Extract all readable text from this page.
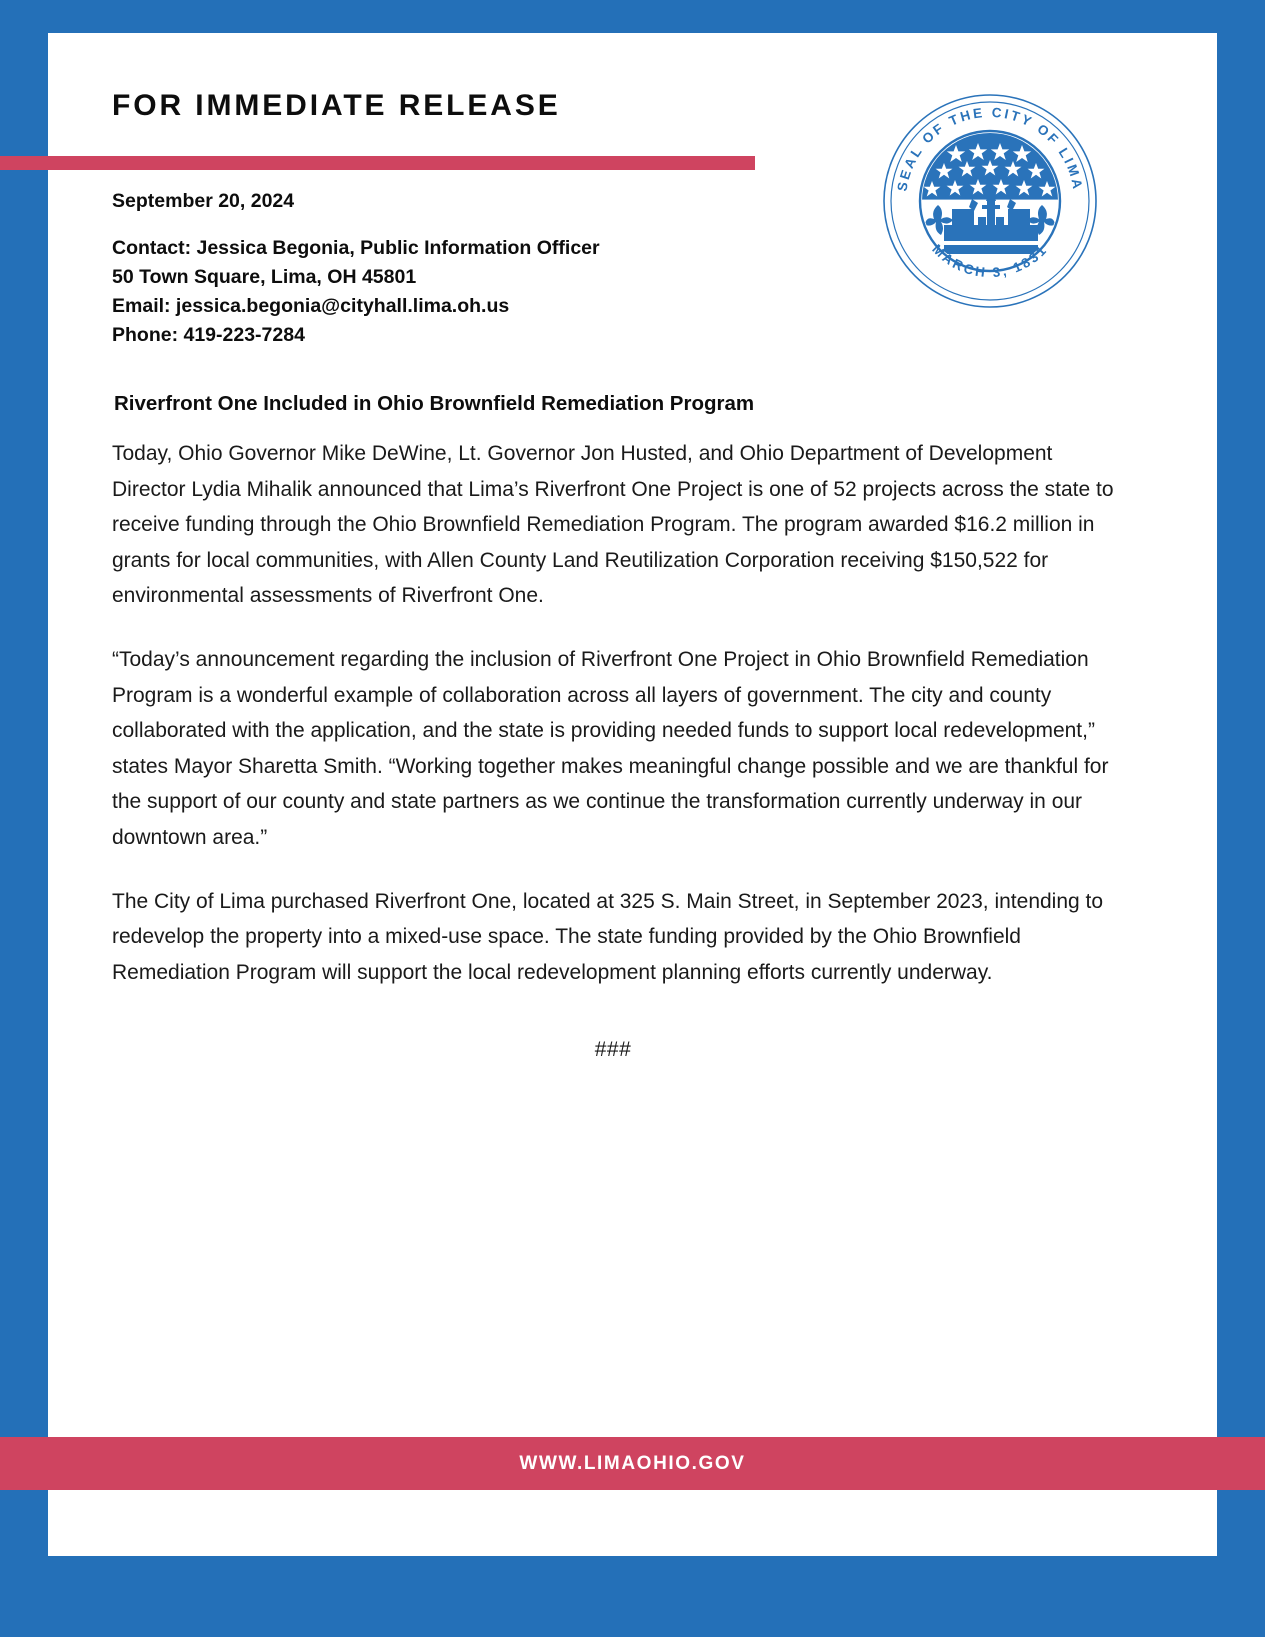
FOR IMMEDIATE RELEASE
SEAL OF THE CITY OF LIMA
MARCH 3, 1831
September 20, 2024
Contact: Jessica Begonia, Public Information Officer
50 Town Square, Lima, OH 45801
Email: jessica.begonia@cityhall.lima.oh.us
Phone: 419-223-7284
Riverfront One Included in Ohio Brownfield Remediation Program

Today, Ohio Governor Mike DeWine, Lt. Governor Jon Husted, and Ohio Department of Development Director Lydia Mihalik announced that Lima’s Riverfront One Project is one of 52 projects across the state to receive funding through the Ohio Brownfield Remediation Program. The program awarded $16.2 million in grants for local communities, with Allen County Land Reutilization Corporation receiving $150,522 for environmental assessments of Riverfront One.

“Today’s announcement regarding the inclusion of Riverfront One Project in Ohio Brownfield Remediation Program is a wonderful example of collaboration across all layers of government. The city and county collaborated with the application, and the state is providing needed funds to support local redevelopment,” states Mayor Sharetta Smith. “Working together makes meaningful change possible and we are thankful for the support of our county and state partners as we continue the transformation currently underway in our downtown area.”

The City of Lima purchased Riverfront One, located at 325 S. Main Street, in September 2023, intending to redevelop the property into a mixed-use space. The state funding provided by the Ohio Brownfield Remediation Program will support the local redevelopment planning efforts currently underway.

###
WWW.LIMAOHIO.GOV
